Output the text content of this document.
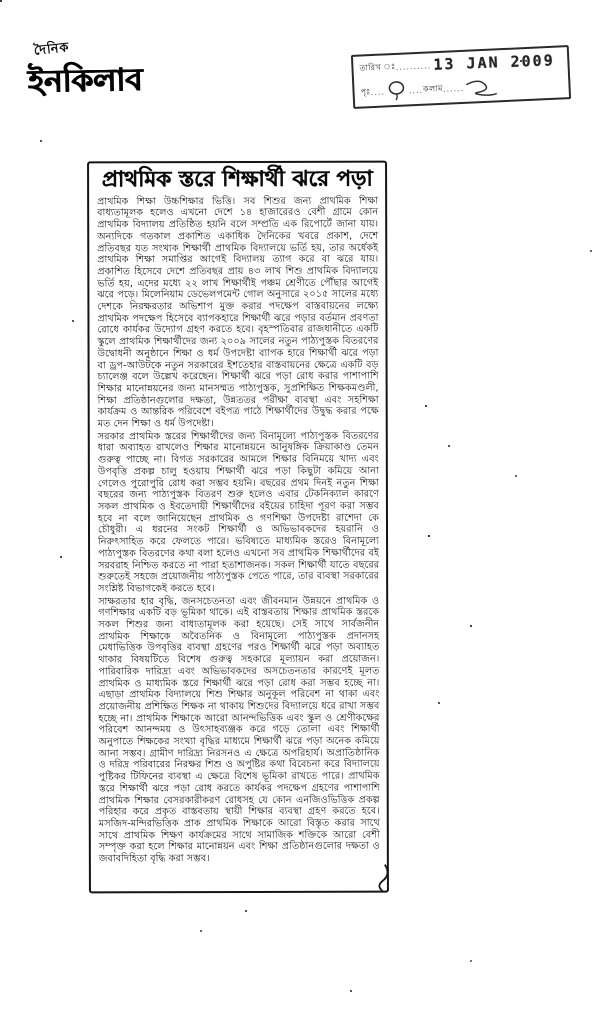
দৈনিক
ইনকিলাব	তারিখ ঃ .......... 13 JAN 2009
পৃঃ ....	.... কলাম ......
প্রাথমিক স্তরে শিক্ষার্থী ঝরে পড়া

প্রাথমিক শিক্ষা উচ্চশিক্ষার ভিত্তি। সব শিশুর জন্য প্রাথমিক শিক্ষা বাধ্যতামূলক হলেও এখনো দেশে ১৪ হাজারেরও বেশী গ্রামে কোন প্রাথমিক বিদ্যালয় প্রতিষ্ঠিত হয়নি বলে সম্প্রতি এক রিপোর্টে জানা যায়। অন্যদিকে গতকাল প্রকাশিত একাধিক দৈনিকের খবরে প্রকাশ, দেশে প্রতিবছর যত সংখ্যক শিক্ষার্থী প্রাথমিক বিদ্যালয়ে ভর্তি হয়, তার অর্ধেকই প্রাথমিক শিক্ষা সমাপ্তির আগেই বিদ্যালয় ত্যাগ করে বা ঝরে যায়। প্রকাশিত হিসেবে দেশে প্রতিবছর প্রায় ৪৩ লাখ শিশু প্রাথমিক বিদ্যালয়ে ভর্তি হয়, এদের মধ্যে ২২ লাখ শিক্ষার্থীই পঞ্চম শ্রেণীতে পৌঁছার আগেই ঝরে পড়ে। মিলেনিয়াম ডেভেলপমেন্ট গোল অনুসারে ২০১৫ সালের মধ্যে দেশকে নিরক্ষরতার অভিশাপ মুক্ত করার পদক্ষেপ বাস্তবায়নের লক্ষ্যে প্রাথমিক পদক্ষেপ হিসেবে ব্যাপকহারে শিক্ষার্থী ঝরে পড়ার বর্তমান প্রবণতা রোধে কার্যকর উদ্যোগ গ্রহণ করতে হবে। বৃহস্পতিবার রাজধানীতে একটি স্কুলে প্রাথমিক শিক্ষার্থীদের জন্য ২০০৯ সালের নতুন পাঠ্যপুস্তক বিতরণের উদ্বোধনী অনুষ্ঠানে শিক্ষা ও ধর্ম উপদেষ্টা ব্যাপক হারে শিক্ষার্থী ঝরে পড়া বা ড্রপ-আউটকে নতুন সরকারের ইশতেহার বাস্তবায়নের ক্ষেত্রে একটি বড় চ্যালেঞ্জ বলে উল্লেখ করেছেন। শিক্ষার্থী ঝরে পড়া রোধ করার পাশাপাশি শিক্ষার মানোন্নয়নের জন্য মানসম্মত পাঠ্যপুস্তক, সুপ্রশিক্ষিত শিক্ষকমণ্ডলী, শিক্ষা প্রতিষ্ঠানগুলোর দক্ষতা, উন্নততর পরীক্ষা ব্যবস্থা এবং সহশিক্ষা কার্যক্রম ও আন্তরিক পরিবেশে বইপত্র পাঠে শিক্ষার্থীদের উদ্বুদ্ধ করার পক্ষে মত দেন শিক্ষা ও ধর্ম উপদেষ্টা।

সরকার প্রাথমিক স্তরের শিক্ষার্থীদের জন্য বিনামূল্যে পাঠ্যপুস্তক বিতরণের ধারা অব্যাহত রাখলেও শিক্ষার মানোন্নয়নে আনুষঙ্গিক ক্রিয়াকাণ্ড তেমন গুরুত্ব পাচ্ছে না। বিগত সরকারের আমলে শিক্ষার বিনিময়ে খাদ্য এবং উপবৃত্তি প্রকল্প চালু হওয়ায় শিক্ষার্থী ঝরে পড়া কিছুটা কমিয়ে আনা গেলেও পুরোপুরি রোধ করা সম্ভব হয়নি। বছরের প্রথম দিনই নতুন শিক্ষা বছরের জন্য পাঠ্যপুস্তক বিতরণ শুরু হলেও এবার টেকনিক্যাল কারণে সকল প্রাথমিক ও ইবতেদায়ী শিক্ষার্থীদের বইয়ের চাহিদা পূরণ করা সম্ভব হবে না বলে জানিয়েছেন প্রাথমিক ও গণশিক্ষা উপদেষ্টা রাশেদা কে চৌধুরী। এ ধরনের সংকট শিক্ষার্থী ও অভিভাবকদের হয়রানি ও নিরুৎসাহিত করে ফেলতে পারে। ভবিষ্যতে মাধ্যমিক স্তরেও বিনামূল্যে পাঠ্যপুস্তক বিতরণের কথা বলা হলেও এখনো সব প্রাথমিক শিক্ষার্থীদের বই সরবরাহ নিশ্চিত করতে না পারা হতাশাজনক। সকল শিক্ষার্থী যাতে বছরের শুরুতেই সহজে প্রয়োজনীয় পাঠ্যপুস্তক পেতে পারে, তার ব্যবস্থা সরকারের সংশ্লিষ্ট বিভাগকেই করতে হবে।

সাক্ষরতার হার বৃদ্ধি, জনসচেতনতা এবং জীবনমান উন্নয়নে প্রাথমিক ও গণশিক্ষার একটি বড় ভূমিকা থাকে। এই বাস্তবতায় শিক্ষার প্রাথমিক স্তরকে সকল শিশুর জন্য বাধ্যতামূলক করা হয়েছে। সেই সাথে সার্বজনীন প্রাথমিক শিক্ষাকে অবৈতনিক ও বিনামূল্যে পাঠ্যপুস্তক প্রদানসহ মেধাভিত্তিক উপবৃত্তির ব্যবস্থা গ্রহণের পরও শিক্ষার্থী ঝরে পড়া অব্যাহত থাকার বিষয়টিতে বিশেষ গুরুত্ব সহকারে মূল্যায়ন করা প্রয়োজন। পারিবারিক দারিদ্র্য এবং অভিভাবকদের অসচেতনতার কারণেই মূলত প্রাথমিক ও মাধ্যমিক স্তরে শিক্ষার্থী ঝরে পড়া রোধ করা সম্ভব হচ্ছে না। এছাড়া প্রাথমিক বিদ্যালয়ে শিশু শিক্ষার অনুকূল পরিবেশ না থাকা এবং প্রয়োজনীয় প্রশিক্ষিত শিক্ষক না থাকায় শিশুদের বিদ্যালয়ে ধরে রাখা সম্ভব হচ্ছে না। প্রাথমিক শিক্ষাকে আরো আনন্দভিত্তিক এবং স্কুল ও শ্রেণীকক্ষের পরিবেশ আনন্দময় ও উৎসাহব্যঞ্জক করে গড়ে তোলা এবং শিক্ষার্থী অনুপাতে শিক্ষকের সংখ্যা বৃদ্ধির মাধ্যমে শিক্ষার্থী ঝরে পড়া অনেক কমিয়ে আনা সম্ভব। গ্রামীণ দারিদ্র্য নিরসনও এ ক্ষেত্রে অপরিহার্য। অপ্রাতিষ্ঠানিক ও দরিদ্র পরিবারের নিরক্ষর শিশু ও অপুষ্টির কথা বিবেচনা করে বিদ্যালয়ে পুষ্টিকর টিফিনের ব্যবস্থা এ ক্ষেত্রে বিশেষ ভূমিকা রাখতে পারে। প্রাথমিক স্তরে শিক্ষার্থী ঝরে পড়া রোধ করতে কার্যকর পদক্ষেপ গ্রহণের পাশাপাশি প্রাথমিক শিক্ষার বেসরকারীকরণ রোধসহ যে কোন এনজিওভিত্তিক প্রকল্প পরিহার করে প্রকৃত বাস্তবতায় স্থায়ী শিক্ষার ব্যবস্থা গ্রহণ করতে হবে। মসজিদ-মন্দিরভিত্তিক প্রাক প্রাথমিক শিক্ষাকে আরো বিস্তৃত করার সাথে সাথে প্রাথমিক শিক্ষণ কার্যক্রমের সাথে সামাজিক শক্তিকে আরো বেশী সম্পৃক্ত করা হলে শিক্ষার মানোন্নয়ন এবং শিক্ষা প্রতিষ্ঠানগুলোর দক্ষতা ও জবাবদিহিতা বৃদ্ধি করা সম্ভব।
